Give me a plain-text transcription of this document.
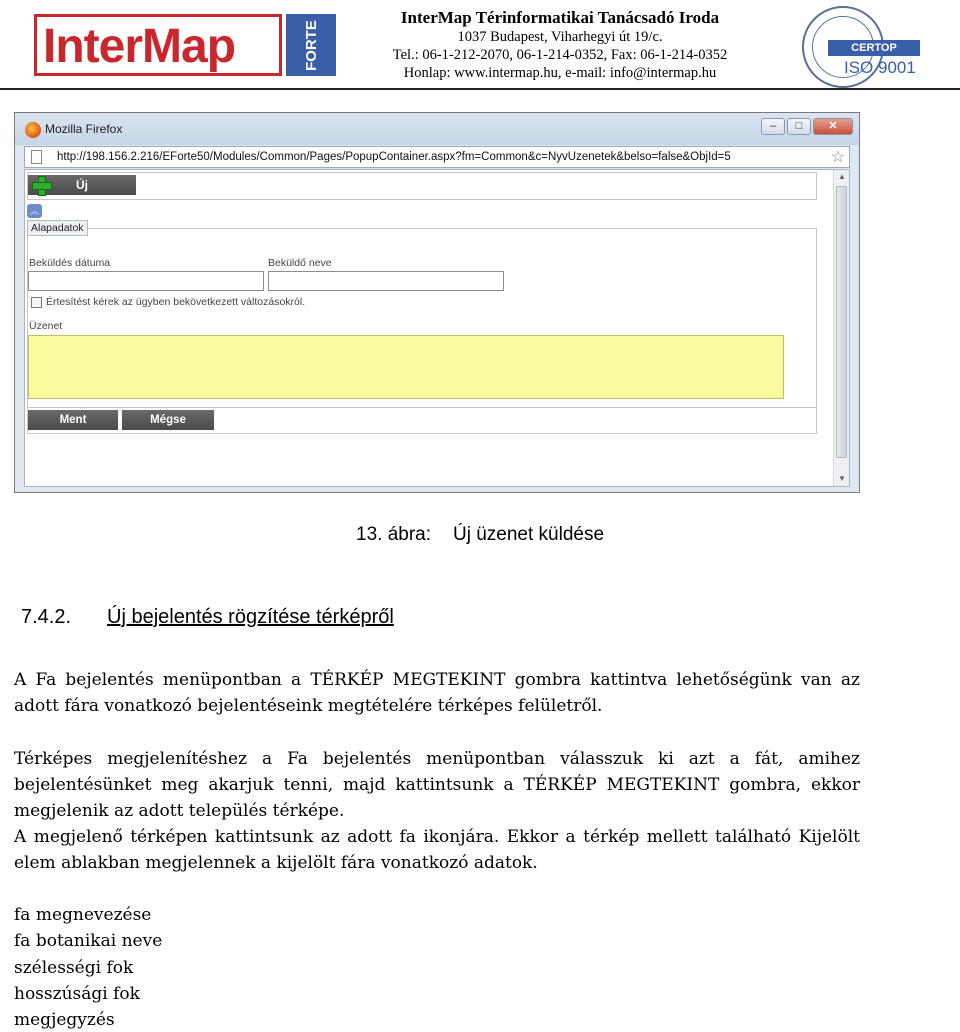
InterMap	FORTE
InterMap Térinformatikai Tanácsadó Iroda
1037 Budapest, Viharhegyi út 19/c.
Tel.: 06-1-212-2070, 06-1-214-0352, Fax: 06-1-214-0352
Honlap: www.intermap.hu, e-mail: info@intermap.hu
CERTOP
ISO 9001
Mozilla Firefox	–	□	✕
http://198.156.2.216/EForte50/Modules/Common/Pages/PopupContainer.aspx?fm=Common&c=NyvUzenetek&belso=false&ObjId=5	☆
Új
︽
Beküldés dátuma	Beküldő neve
Értesítést kérek az ügyben bekövetkezett változásokról.
Üzenet
Alapadatok
Ment	Mégse
▲
▼
13. ábra: Új üzenet küldése
7.4.2. Új bejelentés rögzítése térképről

A Fa bejelentés menüpontban a TÉRKÉP MEGTEKINT gombra kattintva lehetőségünk van az adott fára vonatkozó bejelentéseink megtételére térképes felületről.

Térképes megjelenítéshez a Fa bejelentés menüpontban válasszuk ki azt a fát, amihez bejelentésünket meg akarjuk tenni, majd kattintsunk a TÉRKÉP MEGTEKINT gombra, ekkor megjelenik az adott település térképe.

A megjelenő térképen kattintsunk az adott fa ikonjára. Ekkor a térkép mellett található Kijelölt elem ablakban megjelennek a kijelölt fára vonatkozó adatok.

fa megnevezése
fa botanikai neve
szélességi fok
hosszúsági fok
megjegyzés
